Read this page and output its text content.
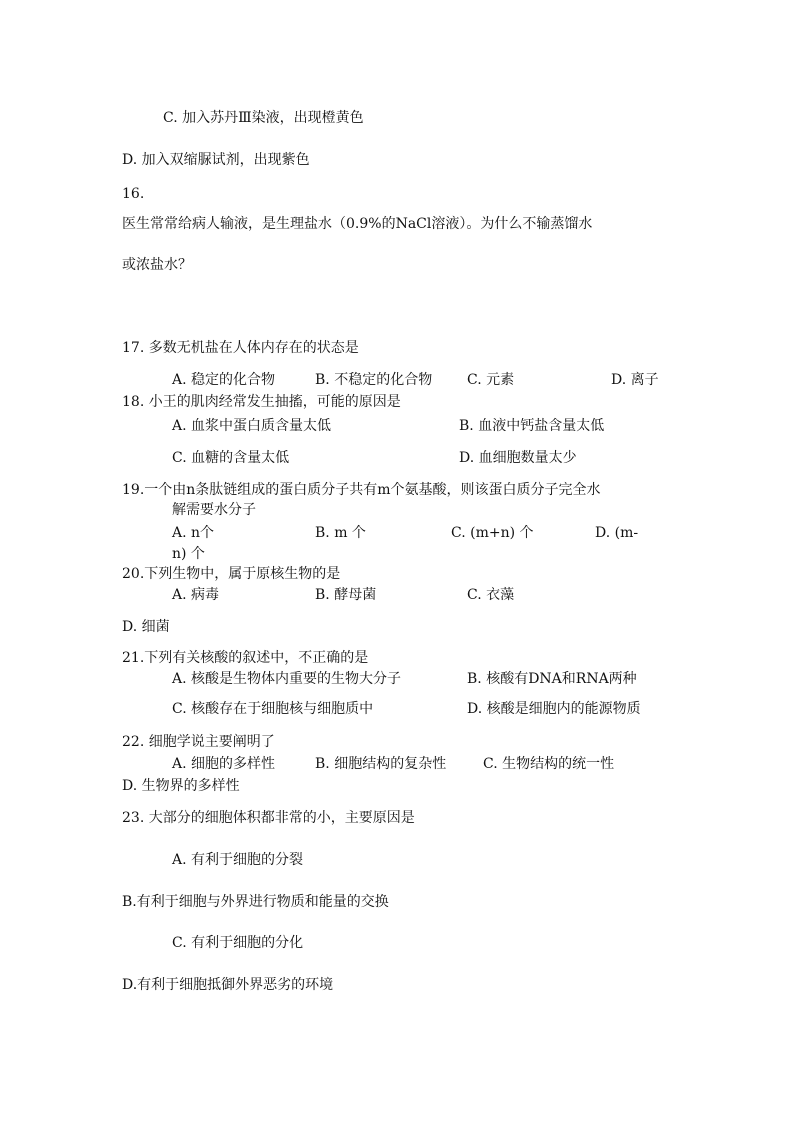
C. 加入苏丹Ⅲ染液，出现橙黄色
D. 加入双缩脲试剂，出现紫色
16.
医生常常给病人输液，是生理盐水（0.9%的NaCl溶液）。为什么不输蒸馏水
或浓盐水？
17. 多数无机盐在人体内存在的状态是
A. 稳定的化合物	B. 不稳定的化合物 C. 元素	D. 离子
18. 小王的肌肉经常发生抽搐，可能的原因是
A. 血浆中蛋白质含量太低	B. 血液中钙盐含量太低
C. 血糖的含量太低	D. 血细胞数量太少
19.一个由n条肽链组成的蛋白质分子共有m个氨基酸，则该蛋白质分子完全水
解需要水分子
A. n个	B. m 个	C. (m+n) 个	D. (m-
n) 个
20.下列生物中，属于原核生物的是
A. 病毒	B. 酵母菌	C. 衣藻
D. 细菌
21.下列有关核酸的叙述中，不正确的是
A. 核酸是生物体内重要的生物大分子	B. 核酸有DNA和RNA两种
C. 核酸存在于细胞核与细胞质中	D. 核酸是细胞内的能源物质
22. 细胞学说主要阐明了
A. 细胞的多样性	B. 细胞结构的复杂性	C. 生物结构的统一性
D. 生物界的多样性
23. 大部分的细胞体积都非常的小，主要原因是
A. 有利于细胞的分裂
B.有利于细胞与外界进行物质和能量的交换
C. 有利于细胞的分化
D.有利于细胞抵御外界恶劣的环境
